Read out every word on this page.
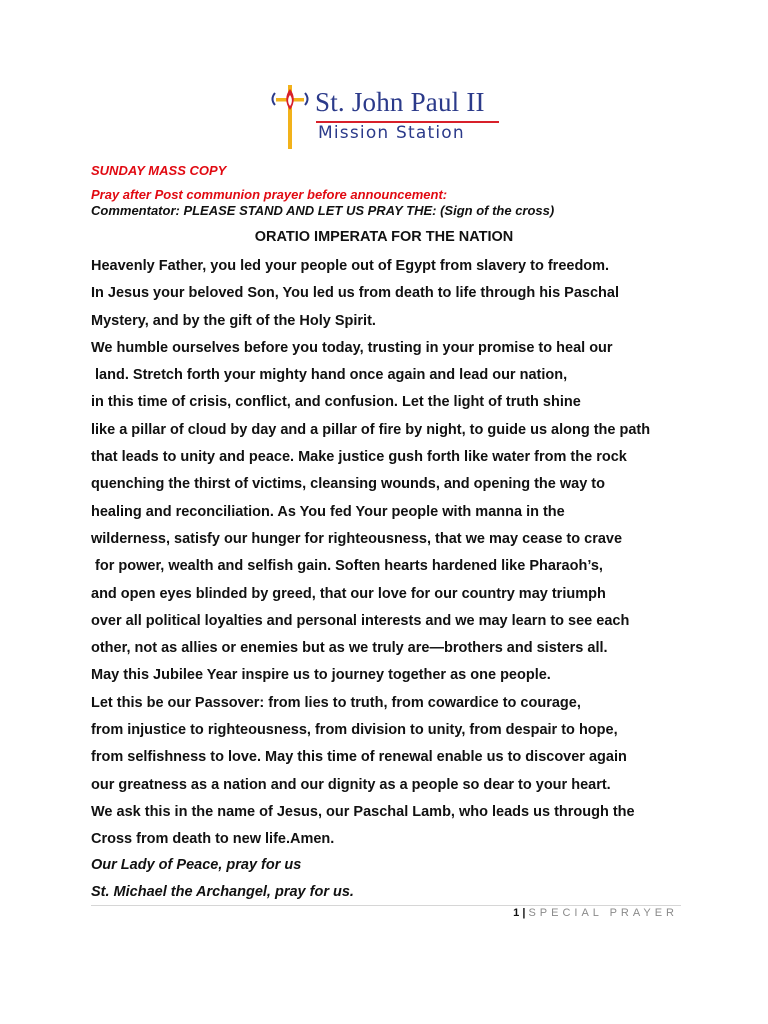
St. John Paul II
Mission Station
SUNDAY MASS COPY
Pray after Post communion prayer before announcement:
Commentator: PLEASE STAND AND LET US PRAY THE: (Sign of the cross)
ORATIO IMPERATA FOR THE NATION
Heavenly Father, you led your people out of Egypt from slavery to freedom.
In Jesus your beloved Son, You led us from death to life through his Paschal
Mystery, and by the gift of the Holy Spirit.
We humble ourselves before you today, trusting in your promise to heal our
land. Stretch forth your mighty hand once again and lead our nation,
in this time of crisis, conflict, and confusion. Let the light of truth shine
like a pillar of cloud by day and a pillar of fire by night, to guide us along the path
that leads to unity and peace. Make justice gush forth like water from the rock
quenching the thirst of victims, cleansing wounds, and opening the way to
healing and reconciliation. As You fed Your people with manna in the
wilderness, satisfy our hunger for righteousness, that we may cease to crave
for power, wealth and selfish gain. Soften hearts hardened like Pharaoh’s,
and open eyes blinded by greed, that our love for our country may triumph
over all political loyalties and personal interests and we may learn to see each
other, not as allies or enemies but as we truly are—brothers and sisters all.
May this Jubilee Year inspire us to journey together as one people.
Let this be our Passover: from lies to truth, from cowardice to courage,
from injustice to righteousness, from division to unity, from despair to hope,
from selfishness to love. May this time of renewal enable us to discover again
our greatness as a nation and our dignity as a people so dear to your heart.
We ask this in the name of Jesus, our Paschal Lamb, who leads us through the
Cross from death to new life.Amen.
Our Lady of Peace, pray for us
St. Michael the Archangel, pray for us.
1 | SPECIAL PRAYER
